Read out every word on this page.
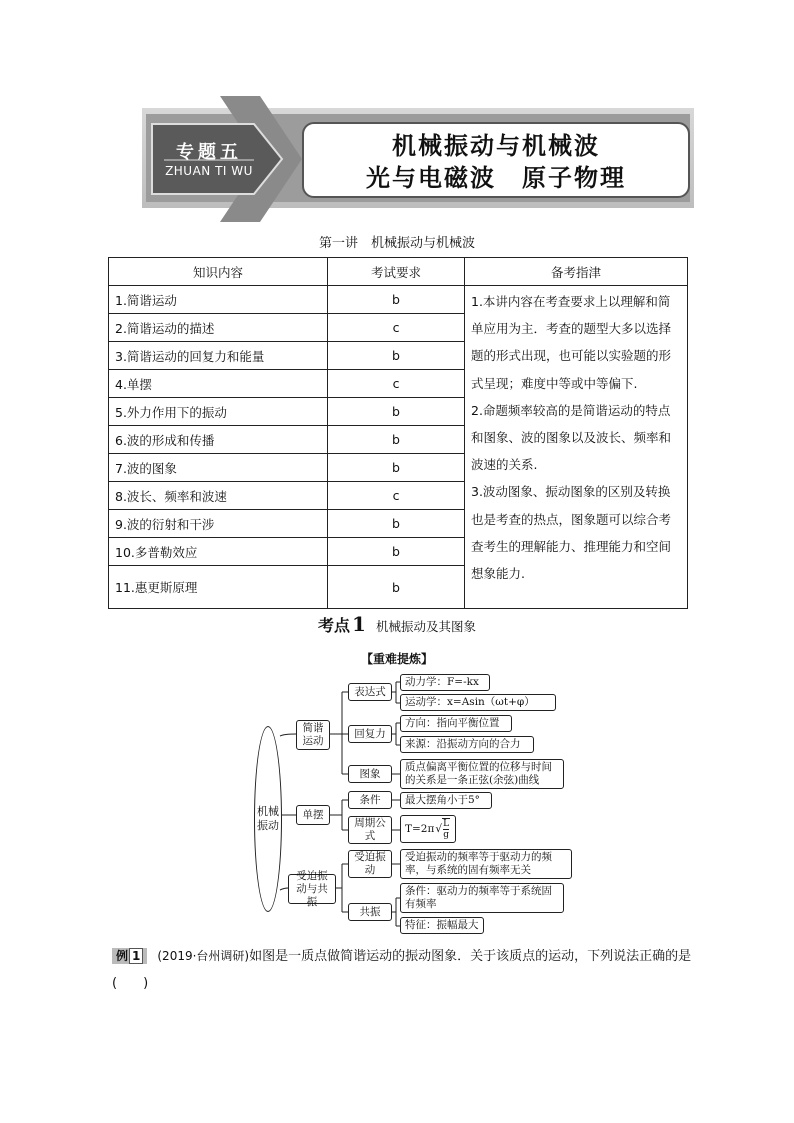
专题五
ZHUAN TI WU
机械振动与机械波
光与电磁波　原子物理
第一讲　机械振动与机械波
知识内容	考试要求	备考指津
1.简谐运动	b	1.本讲内容在考查要求上以理解和简单应用为主．考查的题型大多以选择题的形式出现，也可能以实验题的形式呈现；难度中等或中等偏下.
2.命题频率较高的是简谐运动的特点和图象、波的图象以及波长、频率和波速的关系.
3.波动图象、振动图象的区别及转换也是考查的热点，图象题可以综合考查考生的理解能力、推理能力和空间想象能力.

2.简谐运动的描述	c	
3.简谐运动的回复力和能量	b	
4.单摆	c	
5.外力作用下的振动	b	
6.波的形成和传播	b	
7.波的图象	b	
8.波长、频率和波速	c	
9.波的衍射和干涉	b	
10.多普勒效应	b	
11.惠更斯原理	b	
考点 1 机械振动及其图象
【重难提炼】
机械振动
简谐运动
单摆
受迫振动与共振
表达式
回复力
图象
条件
周期公式
受迫振动
共振
动力学：F=-kx
运动学：x=Asin（ωt+φ）
方向：指向平衡位置
来源：沿振动方向的合力
质点偏离平衡位置的位移与时间的关系是一条正弦(余弦)曲线
最大摆角小于5°
T=2π √ $\frac{L}{g}$
受迫振动的频率等于驱动力的频率，与系统的固有频率无关
条件：驱动力的频率等于系统固有频率
特征：振幅最大
例 1 (2019·台州调研)如图是一质点做简谐运动的振动图象．关于该质点的运动，下列说法正确的是(　　)
